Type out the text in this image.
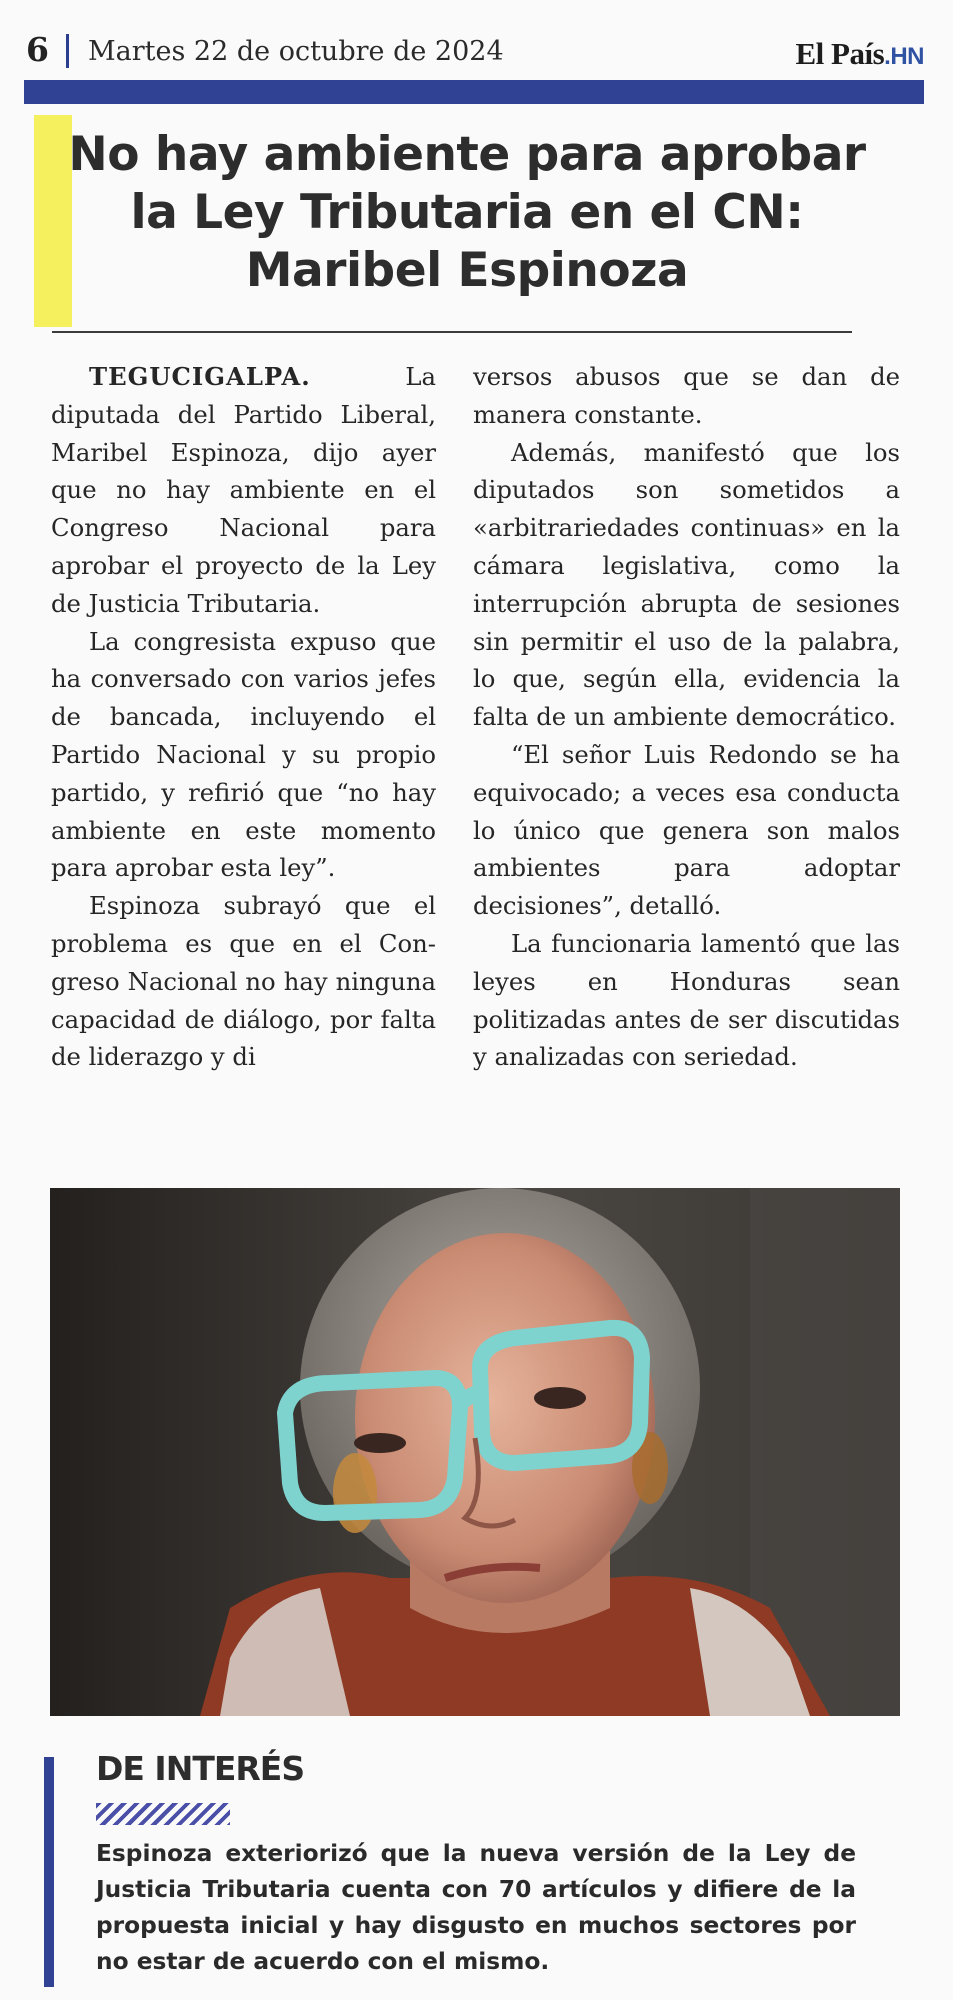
6 Martes 22 de octubre de 2024	El País.HN
No hay ambiente para aprobar la Ley Tributaria en el CN: Maribel Espinoza

TEGUCIGALPA. La diputada del Partido Liberal, Maribel Espinoza, dijo ayer que no hay ambiente en el Congreso Nacional para aprobar el proyecto de la Ley de Justicia Tributaria.

La congresista expuso que ha conversado con varios jefes de bancada, incluyendo el Partido Nacional y su propio partido, y refirió que “no hay ambiente en este momento para aprobar esta ley”.

Espinoza subrayó que el problema es que en el Congreso Nacional no hay ninguna capacidad de diálogo, por falta de liderazgo y di

versos abusos que se dan de manera constante.

Además, manifestó que los diputados son sometidos a «arbitrariedades continuas» en la cámara legislativa, como la interrupción abrupta de sesiones sin permitir el uso de la palabra, lo que, según ella, evidencia la falta de un ambiente democrático.

“El señor Luis Redondo se ha equivocado; a veces esa conducta lo único que genera son malos ambientes para adoptar decisiones”, detalló.

La funcionaria lamentó que las leyes en Honduras sean politizadas antes de ser discutidas y analizadas con seriedad.

DE INTERÉS
Espinoza exteriorizó que la nueva versión de la Ley de Justicia Tributaria cuenta con 70 artículos y difiere de la propuesta inicial y hay disgusto en muchos sectores por no estar de acuerdo con el mismo.
